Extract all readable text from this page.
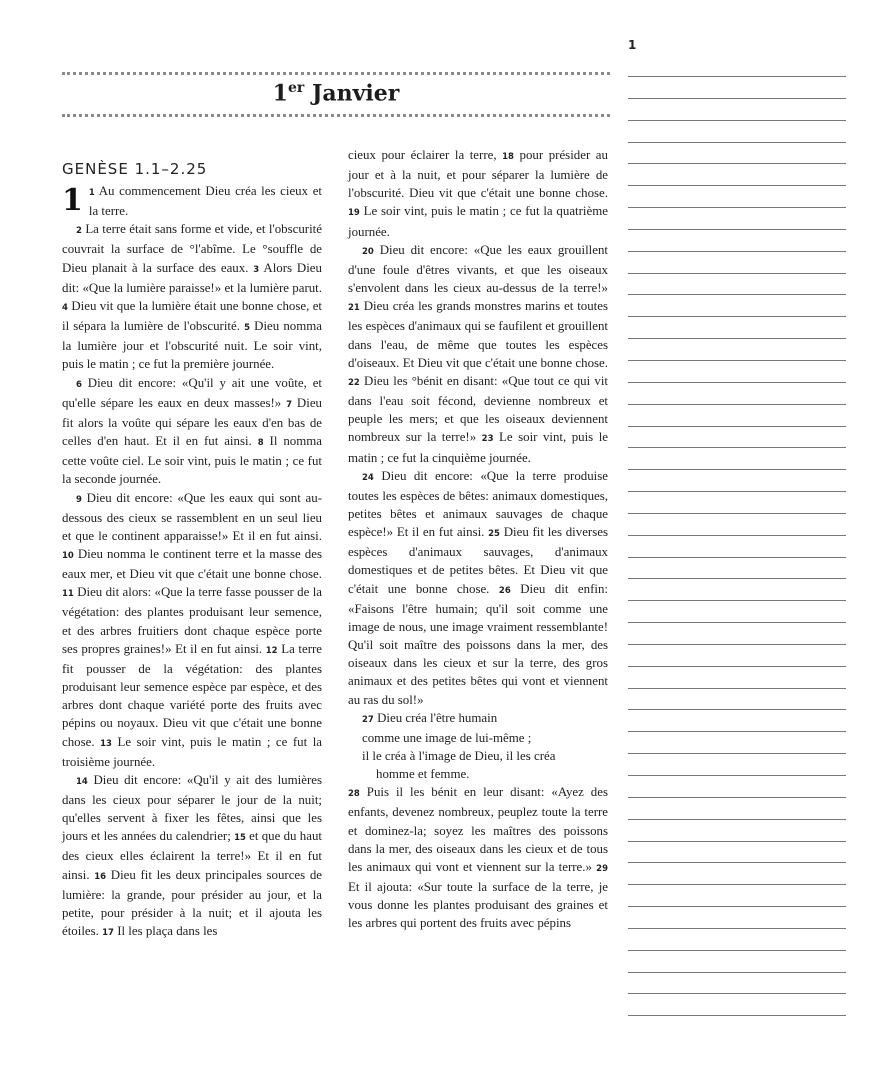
1er Janvier
1
GENÈSE 1.1–2.25

1 1 Au commencement Dieu créa les cieux et la terre.

2 La terre était sans forme et vide, et l'obscurité couvrait la surface de °l'abîme. Le °souffle de Dieu planait à la surface des eaux. 3 Alors Dieu dit: «Que la lumière paraisse!» et la lumière parut. 4 Dieu vit que la lumière était une bonne chose, et il sépara la lumière de l'obscurité. 5 Dieu nomma la lumière jour et l'obscurité nuit. Le soir vint, puis le matin ; ce fut la première journée.

6 Dieu dit encore: «Qu'il y ait une voûte, et qu'elle sépare les eaux en deux masses!» 7 Dieu fit alors la voûte qui sépare les eaux d'en bas de celles d'en haut. Et il en fut ainsi. 8 Il nomma cette voûte ciel. Le soir vint, puis le matin ; ce fut la seconde journée.

9 Dieu dit encore: «Que les eaux qui sont au-dessous des cieux se rassemblent en un seul lieu et que le continent apparaisse!» Et il en fut ainsi. 10 Dieu nomma le continent terre et la masse des eaux mer, et Dieu vit que c'était une bonne chose. 11 Dieu dit alors: «Que la terre fasse pousser de la végétation: des plantes produisant leur semence, et des arbres fruitiers dont chaque espèce porte ses propres graines!» Et il en fut ainsi. 12 La terre fit pousser de la végétation: des plantes produisant leur semence espèce par espèce, et des arbres dont chaque variété porte des fruits avec pépins ou noyaux. Dieu vit que c'était une bonne chose. 13 Le soir vint, puis le matin ; ce fut la troisième journée.

14 Dieu dit encore: «Qu'il y ait des lumières dans les cieux pour séparer le jour de la nuit; qu'elles servent à fixer les fêtes, ainsi que les jours et les années du calendrier; 15 et que du haut des cieux elles éclairent la terre!» Et il en fut ainsi. 16 Dieu fit les deux principales sources de lumière: la grande, pour présider au jour, et la petite, pour présider à la nuit; et il ajouta les étoiles. 17 Il les plaça dans les

cieux pour éclairer la terre, 18 pour présider au jour et à la nuit, et pour séparer la lumière de l'obscurité. Dieu vit que c'était une bonne chose. 19 Le soir vint, puis le matin ; ce fut la quatrième journée.

20 Dieu dit encore: «Que les eaux grouillent d'une foule d'êtres vivants, et que les oiseaux s'envolent dans les cieux au-dessus de la terre!» 21 Dieu créa les grands monstres marins et toutes les espèces d'animaux qui se faufilent et grouillent dans l'eau, de même que toutes les espèces d'oiseaux. Et Dieu vit que c'était une bonne chose. 22 Dieu les °bénit en disant: «Que tout ce qui vit dans l'eau soit fécond, devienne nombreux et peuple les mers; et que les oiseaux deviennent nombreux sur la terre!» 23 Le soir vint, puis le matin ; ce fut la cinquième journée.

24 Dieu dit encore: «Que la terre produise toutes les espèces de bêtes: animaux domestiques, petites bêtes et animaux sauvages de chaque espèce!» Et il en fut ainsi. 25 Dieu fit les diverses espèces d'animaux sauvages, d'animaux domestiques et de petites bêtes. Et Dieu vit que c'était une bonne chose. 26 Dieu dit enfin: «Faisons l'être humain; qu'il soit comme une image de nous, une image vraiment ressemblante! Qu'il soit maître des poissons dans la mer, des oiseaux dans les cieux et sur la terre, des gros animaux et des petites bêtes qui vont et viennent au ras du sol!»

27 Dieu créa l'être humain

comme une image de lui-même ;

il le créa à l'image de Dieu, il les créa

homme et femme.

28 Puis il les bénit en leur disant: «Ayez des enfants, devenez nombreux, peuplez toute la terre et dominez-la; soyez les maîtres des poissons dans la mer, des oiseaux dans les cieux et de tous les animaux qui vont et viennent sur la terre.» 29 Et il ajouta: «Sur toute la surface de la terre, je vous donne les plantes produisant des graines et les arbres qui portent des fruits avec pépins
